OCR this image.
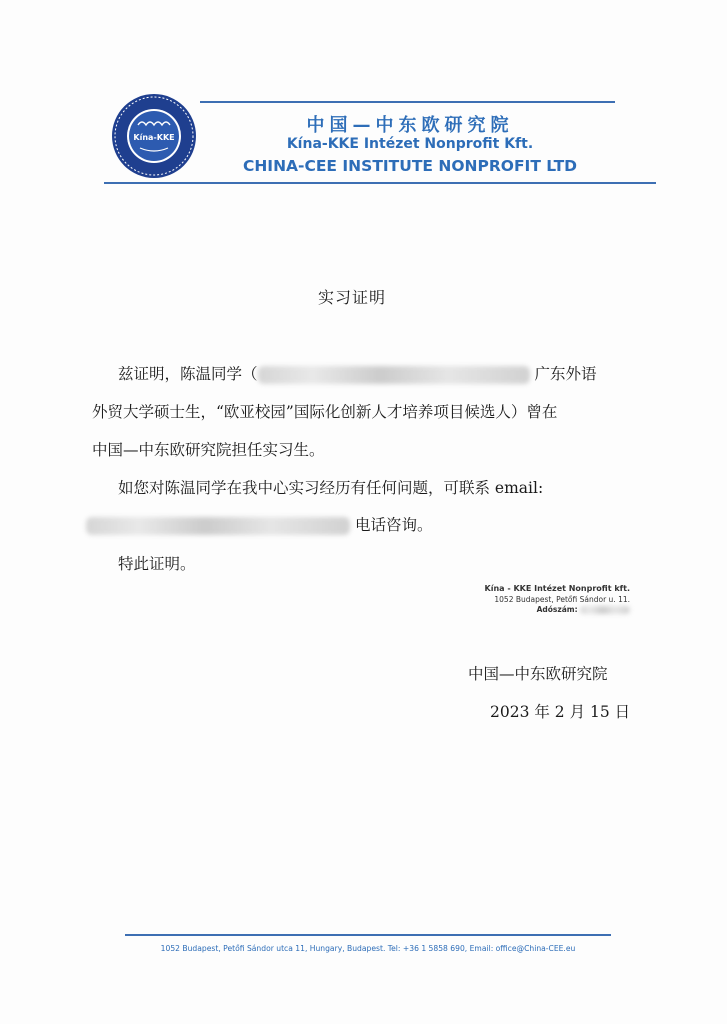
Kína-KKE
中国—中东欧研究院
Kína-KKE Intézet Nonprofit Kft.
CHINA-CEE INSTITUTE NONPROFIT LTD
实习证明
兹证明，陈温同学（	广东外语
外贸大学硕士生，“欧亚校园”国际化创新人才培养项目候选人）曾在
中国—中东欧研究院担任实习生。
如您对陈温同学在我中心实习经历有任何问题，可联系 email:
电话咨询。
特此证明。
Kína - KKE Intézet Nonprofit kft.
1052 Budapest, Petőfi Sándor u. 11.
Adószám:
中国—中东欧研究院
2023 年 2 月 15 日
1052 Budapest, Petőfi Sándor utca 11, Hungary, Budapest. Tel: +36 1 5858 690, Email: office@China-CEE.eu
